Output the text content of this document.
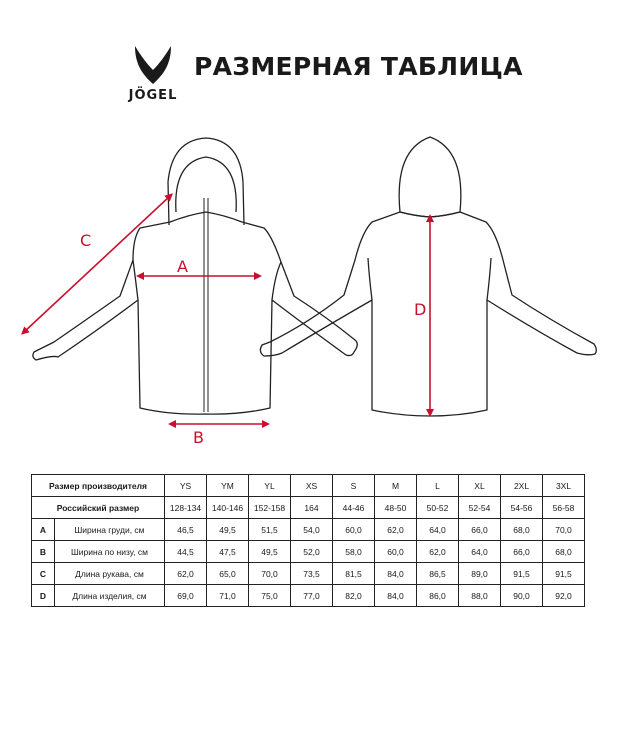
JÖGEL
РАЗМЕРНАЯ ТАБЛИЦА
A
B
C
D
Размер производителя		YS	YM	YL	XS	S	M	L	XL	2XL	3XL
Российский размер		128-134	140-146	152-158	164	44-46	48-50	50-52	52-54	54-56	56-58
A	Ширина груди, см	46,5	49,5	51,5	54,0	60,0	62,0	64,0	66,0	68,0	70,0
B	Ширина по низу, см	44,5	47,5	49,5	52,0	58,0	60,0	62,0	64,0	66,0	68,0
C	Длина рукава, см	62,0	65,0	70,0	73,5	81,5	84,0	86,5	89,0	91,5	91,5
D	Длина изделия, см	69,0	71,0	75,0	77,0	82,0	84,0	86,0	88,0	90,0	92,0
